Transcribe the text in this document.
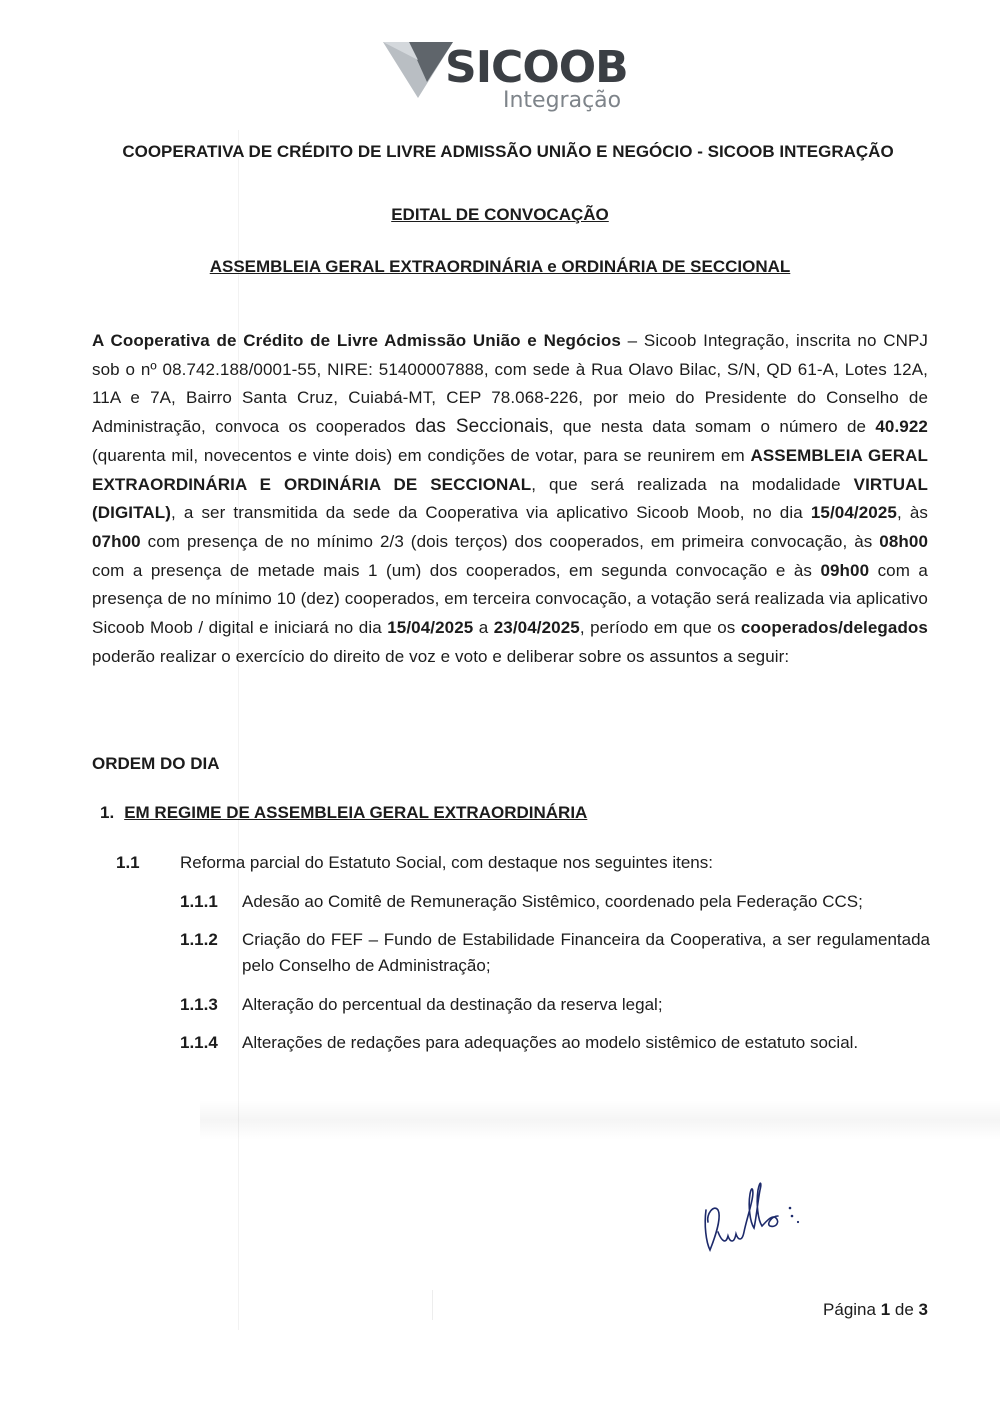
SICOOB
Integração
COOPERATIVA DE CRÉDITO DE LIVRE ADMISSÃO UNIÃO E NEGÓCIO - SICOOB INTEGRAÇÃO
EDITAL DE CONVOCAÇÃO
ASSEMBLEIA GERAL EXTRAORDINÁRIA e ORDINÁRIA DE SECCIONAL
A Cooperativa de Crédito de Livre Admissão União e Negócios – Sicoob Integração, inscrita no CNPJ sob o nº 08.742.188/0001-55, NIRE: 51400007888, com sede à Rua Olavo Bilac, S/N, QD 61-A, Lotes 12A, 11A e 7A, Bairro Santa Cruz, Cuiabá-MT, CEP 78.068-226, por meio do Presidente do Conselho de Administração, convoca os cooperados das Seccionais, que nesta data somam o número de 40.922 (quarenta mil, novecentos e vinte dois) em condições de votar, para se reunirem em ASSEMBLEIA GERAL EXTRAORDINÁRIA E ORDINÁRIA DE SECCIONAL, que será realizada na modalidade VIRTUAL (DIGITAL), a ser transmitida da sede da Cooperativa via aplicativo Sicoob Moob, no dia 15/04/2025, às 07h00 com presença de no mínimo 2/3 (dois terços) dos cooperados, em primeira convocação, às 08h00 com a presença de metade mais 1 (um) dos cooperados, em segunda convocação e às 09h00 com a presença de no mínimo 10 (dez) cooperados, em terceira convocação, a votação será realizada via aplicativo Sicoob Moob / digital e iniciará no dia 15/04/2025 a 23/04/2025, período em que os cooperados/delegados poderão realizar o exercício do direito de voz e voto e deliberar sobre os assuntos a seguir:
ORDEM DO DIA
1. EM REGIME DE ASSEMBLEIA GERAL EXTRAORDINÁRIA
1.1 Reforma parcial do Estatuto Social, com destaque nos seguintes itens:
1.1.1 Adesão ao Comitê de Remuneração Sistêmico, coordenado pela Federação CCS;
1.1.2 Criação do FEF – Fundo de Estabilidade Financeira da Cooperativa, a ser regulamentada pelo Conselho de Administração;
1.1.3 Alteração do percentual da destinação da reserva legal;
1.1.4 Alterações de redações para adequações ao modelo sistêmico de estatuto social.
Página 1 de 3
